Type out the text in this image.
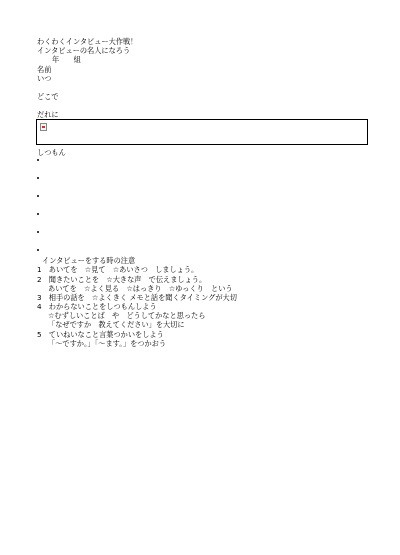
わくわくインタビュー大作戦！
インタビューの名人になろう
年　　組
名前
いつ
どこで
だれに
しつもん
インタビューをする時の注意
1　あいてを　☆見て　☆あいさつ　しましょう。
2　聞きたいことを　☆大きな声　で伝えましょう。
あいてを　☆よく見る　☆はっきり　☆ゆっくり　という
3　相手の話を　☆よくきく メモと話を聞くタイミングが大切
4　わからないことをしつもんしよう
☆むずしいことば　や　どうしてかなと思ったら
「なぜですか　教えてください」を大切に
5　ていねいなこと言葉つかいをしよう
「～ですか。」「～ます。」をつかおう
